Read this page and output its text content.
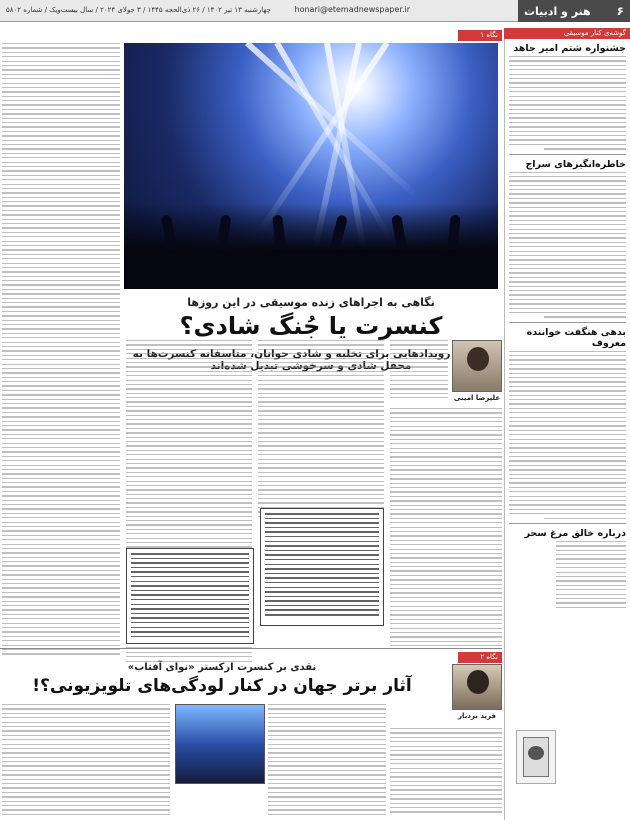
۶
هنر و ادبیات
honari@etemadnewspaper.ir
چهارشنبه ۱۳ تیر ۱۴۰۲ / ۲۶ ذی‌الحجه ۱۴۴۵ / ۳ جولای ۲۰۲۴ / سال بیست‌ویک / شماره ۵۸۰۲
گوشه‌ی کنار موسیقی
جشنواره شتم امیر جاهد
خاطره‌انگیزهای سراج
بدهی هنگفت خواننده معروف
درباره خالق مرغ سحر
نگاه ۱
نگاهی به اجراهای زنده موسیقی در این روزها
کنسرت یا جُنگ شادی؟
علیرضا امینی
نگاه ۲
نقدی بر کنسرت ارکستر «نوای آفتاب»
آثار برتر جهان در کنار لودگی‌های تلویزیونی؟!
فرید بردبار
